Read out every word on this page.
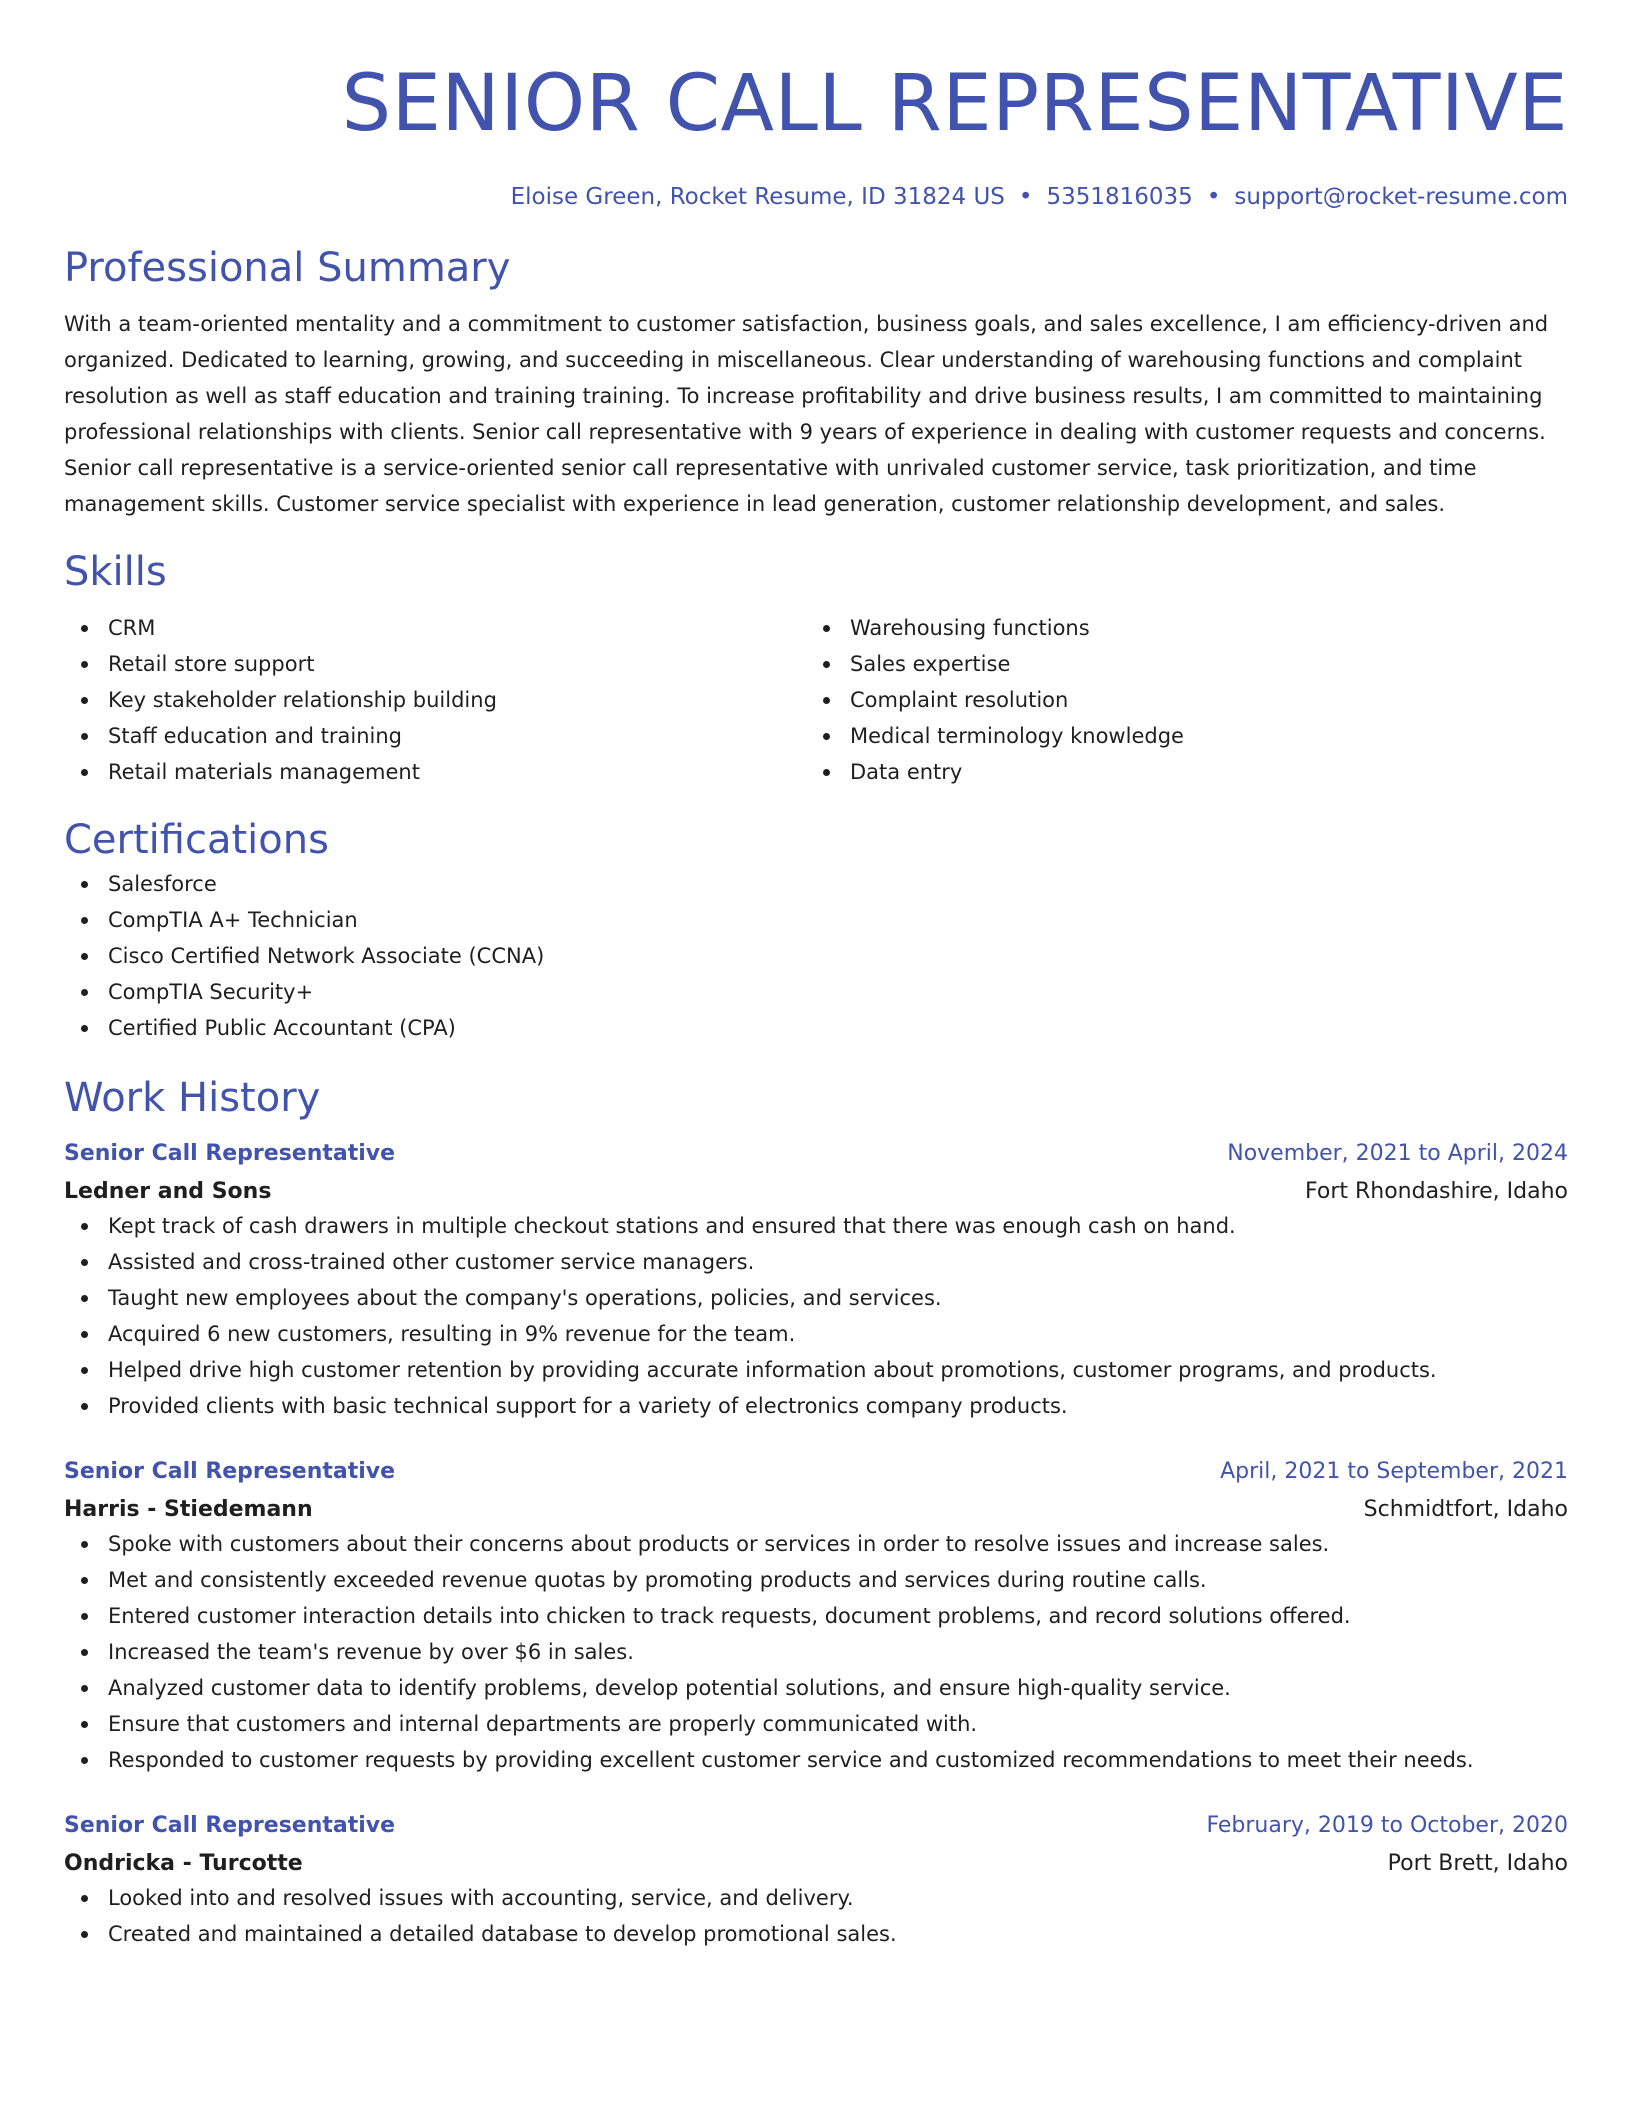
SENIOR CALL REPRESENTATIVE
Eloise Green, Rocket Resume, ID 31824 US • 5351816035 • support@rocket-resume.com
Professional Summary

With a team-oriented mentality and a commitment to customer satisfaction, business goals, and sales excellence, I am efficiency-driven and organized. Dedicated to learning, growing, and succeeding in miscellaneous. Clear understanding of warehousing functions and complaint resolution as well as staff education and training training. To increase profitability and drive business results, I am committed to maintaining professional relationships with clients. Senior call representative with 9 years of experience in dealing with customer requests and concerns. Senior call representative is a service-oriented senior call representative with unrivaled customer service, task prioritization, and time management skills. Customer service specialist with experience in lead generation, customer relationship development, and sales.

Skills
CRM
Retail store support
Key stakeholder relationship building
Staff education and training
Retail materials management
Warehousing functions
Sales expertise
Complaint resolution
Medical terminology knowledge
Data entry
Certifications
Salesforce
CompTIA A+ Technician
Cisco Certified Network Associate (CCNA)
CompTIA Security+
Certified Public Accountant (CPA)
Work History
Senior Call Representative	November, 2021 to April, 2024
Ledner and Sons	Fort Rhondashire, Idaho
Kept track of cash drawers in multiple checkout stations and ensured that there was enough cash on hand.
Assisted and cross-trained other customer service managers.
Taught new employees about the company's operations, policies, and services.
Acquired 6 new customers, resulting in 9% revenue for the team.
Helped drive high customer retention by providing accurate information about promotions, customer programs, and products.
Provided clients with basic technical support for a variety of electronics company products.
Senior Call Representative	April, 2021 to September, 2021
Harris - Stiedemann	Schmidtfort, Idaho
Spoke with customers about their concerns about products or services in order to resolve issues and increase sales.
Met and consistently exceeded revenue quotas by promoting products and services during routine calls.
Entered customer interaction details into chicken to track requests, document problems, and record solutions offered.
Increased the team's revenue by over $6 in sales.
Analyzed customer data to identify problems, develop potential solutions, and ensure high-quality service.
Ensure that customers and internal departments are properly communicated with.
Responded to customer requests by providing excellent customer service and customized recommendations to meet their needs.
Senior Call Representative	February, 2019 to October, 2020
Ondricka - Turcotte	Port Brett, Idaho
Looked into and resolved issues with accounting, service, and delivery.
Created and maintained a detailed database to develop promotional sales.
